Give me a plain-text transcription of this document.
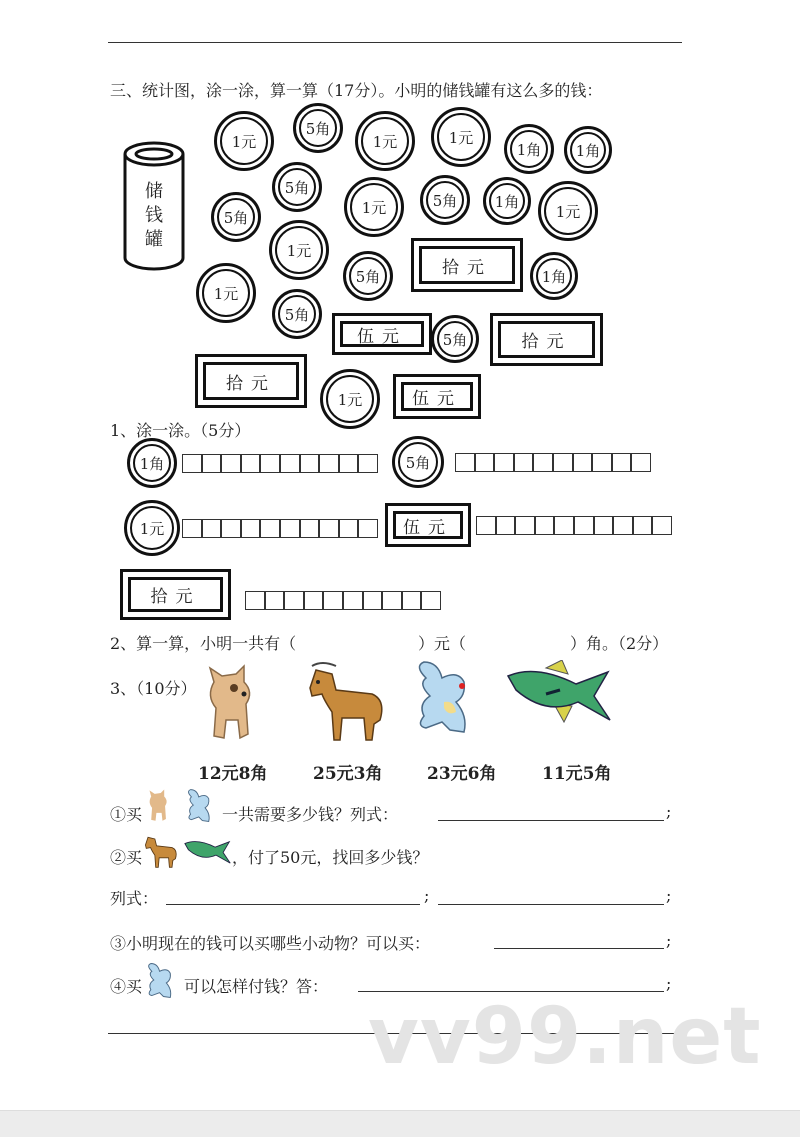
三、统计图，涂一涂，算一算（17分）。小明的储钱罐有这么多的钱：
储钱罐
1元
5角
1元	1元
1角 1角
5角
5角
1元	5角 1角
1元
1元
1元
5角	1角
5角
5角
1元
拾元
伍元	拾元
拾元
伍元
1、涂一涂。（5分）
1角	5角
1元	伍元
拾元
2、算一算，小明一共有（	）元（	）角。（2分）
3、（10分）
12元8角	25元3角	23元6角	11元5角
①买	一共需要多少钱？列式：	;
②买	，付了50元，找回多少钱？
列式：	;	;
③小明现在的钱可以买哪些小动物？可以买：	;
④买	可以怎样付钱？答：	;
vv99.net
